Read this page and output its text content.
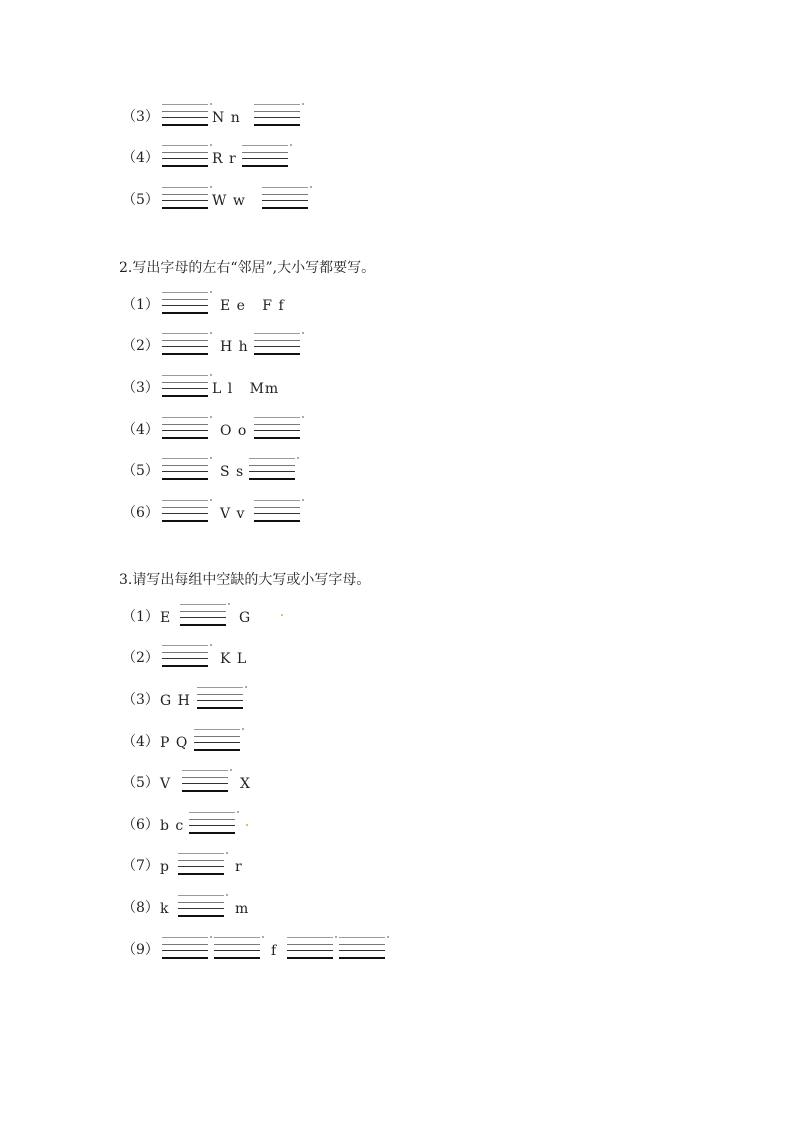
（3）	N n
（4）	R r
（5）	W w
2.写出字母的左右“邻居”,大小写都要写。
（1）	E e   F f
（2）	H h
（3）	L l   Mm
（4）	O o
（5）	S s
（6）	V v
3.请写出每组中空缺的大写或小写字母。
（1） E	G
（2）	K L
（3） G H
（4） P Q
（5） V	X
（6） b c
（7） p	r
（8） k	m
（9）	f
